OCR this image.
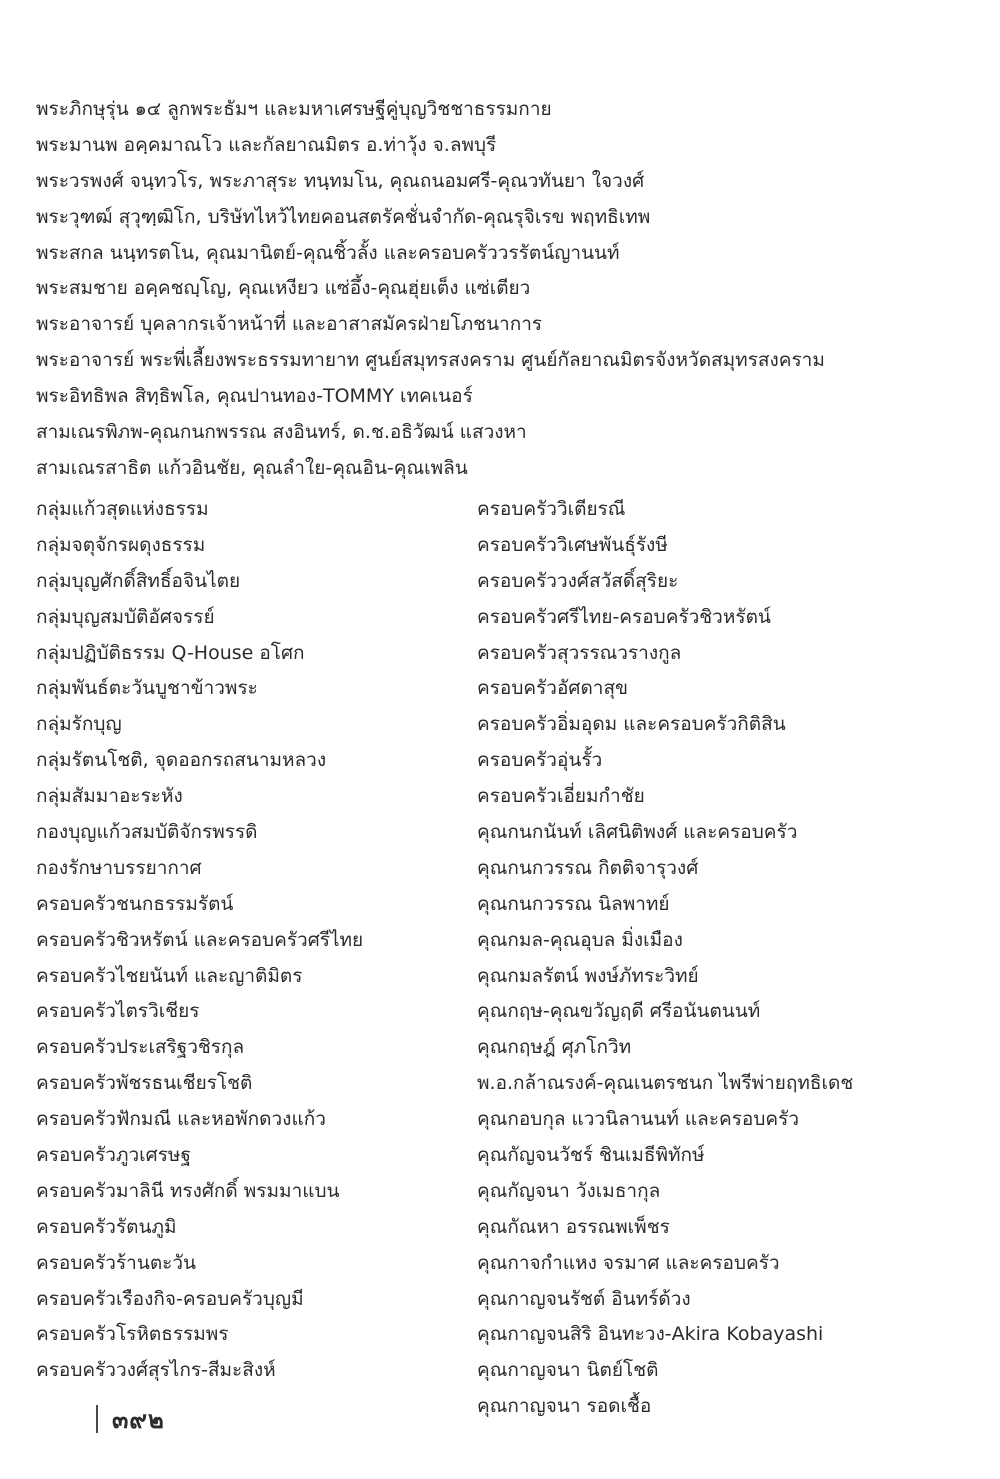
พระภิกษุรุ่น ๑๔ ลูกพระธัมฯ และมหาเศรษฐีคู่บุญวิชชาธรรมกาย
พระมานพ อคฺคมาณโว และกัลยาณมิตร อ.ท่าวุ้ง จ.ลพบุรี
พระวรพงศ์ จนฺทวโร, พระภาสุระ ทนฺทมโน, คุณถนอมศรี-คุณวทันยา ใจวงศ์
พระวุฑฒ์ สุวุฑฺฒิโก, บริษัทไหว้ไทยคอนสตรัคชั่นจำกัด-คุณรุจิเรข พฤทธิเทพ
พระสกล นนฺทรตโน, คุณมานิตย์-คุณชิ้วลั้ง และครอบครัววรรัตน์ญานนท์
พระสมชาย อคฺคชญฺโญ, คุณเหงียว แซ่อึ้ง-คุณฮุ่ยเต็ง แซ่เตียว
พระอาจารย์ บุคลากรเจ้าหน้าที่ และอาสาสมัครฝ่ายโภชนาการ
พระอาจารย์ พระพี่เลี้ยงพระธรรมทายาท ศูนย์สมุทรสงคราม ศูนย์กัลยาณมิตรจังหวัดสมุทรสงคราม
พระอิทธิพล สิทฺธิพโล, คุณปานทอง-TOMMY เทคเนอร์
สามเณรพิภพ-คุณกนกพรรณ สงอินทร์, ด.ช.อธิวัฒน์ แสวงหา
สามเณรสาธิต แก้วอินชัย, คุณลำใย-คุณอิน-คุณเพลิน
กลุ่มแก้วสุดแห่งธรรม
กลุ่มจตุจักรผดุงธรรม
กลุ่มบุญศักดิ์สิทธิ์อจินไตย
กลุ่มบุญสมบัติอัศจรรย์
กลุ่มปฏิบัติธรรม Q-House อโศก
กลุ่มพันธ์ตะวันบูชาข้าวพระ
กลุ่มรักบุญ
กลุ่มรัตนโชติ, จุดออกรถสนามหลวง
กลุ่มสัมมาอะระหัง
กองบุญแก้วสมบัติจักรพรรดิ
กองรักษาบรรยากาศ
ครอบครัวชนกธรรมรัตน์
ครอบครัวชิวหรัตน์ และครอบครัวศรีไทย
ครอบครัวไชยนันท์ และญาติมิตร
ครอบครัวไตรวิเชียร
ครอบครัวประเสริฐวชิรกุล
ครอบครัวพัชรธนเชียรโชติ
ครอบครัวฟักมณี และหอพักดวงแก้ว
ครอบครัวภูวเศรษฐ
ครอบครัวมาลินี ทรงศักดิ์ พรมมาแบน
ครอบครัวรัตนภูมิ
ครอบครัวร้านตะวัน
ครอบครัวเรืองกิจ-ครอบครัวบุญมี
ครอบครัวโรหิตธรรมพร
ครอบครัววงศ์สุรไกร-สีมะสิงห์
ครอบครัววิเตียรณี
ครอบครัววิเศษพันธุ์รังษี
ครอบครัววงศ์สวัสดิ์สุริยะ
ครอบครัวศรีไทย-ครอบครัวชิวหรัตน์
ครอบครัวสุวรรณวรางกูล
ครอบครัวอัศดาสุข
ครอบครัวอิ่มอุดม และครอบครัวกิติสิน
ครอบครัวอุ่นรั้ว
ครอบครัวเอี่ยมกำชัย
คุณกนกนันท์ เลิศนิติพงศ์ และครอบครัว
คุณกนกวรรณ กิตติจารุวงศ์
คุณกนกวรรณ นิลพาทย์
คุณกมล-คุณอุบล มิ่งเมือง
คุณกมลรัตน์ พงษ์ภัทระวิทย์
คุณกฤษ-คุณขวัญฤดี ศรีอนันตนนท์
คุณกฤษฎ์ ศุภโกวิท
พ.อ.กล้าณรงค์-คุณเนตรชนก ไพรีพ่ายฤทธิเดช
คุณกอบกุล แววนิลานนท์ และครอบครัว
คุณกัญจนวัชร์ ชินเมธีพิทักษ์
คุณกัญจนา วังเมธากุล
คุณกัณหา อรรณพเพ็ชร
คุณกาจกำแหง จรมาศ และครอบครัว
คุณกาญจนรัชต์ อินทร์ด้วง
คุณกาญจนสิริ อินทะวง-Akira Kobayashi
คุณกาญจนา นิตย์โชติ
คุณกาญจนา รอดเชื้อ
๓๙๒
